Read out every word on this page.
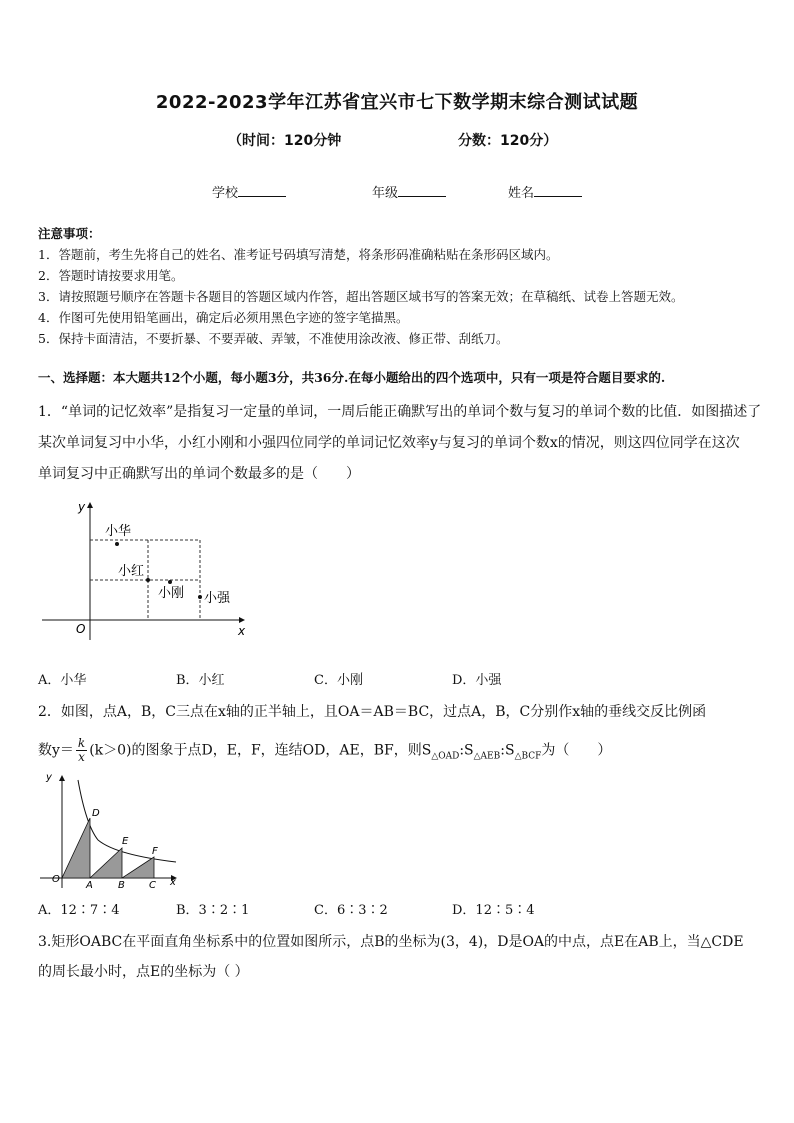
2022-2023学年江苏省宜兴市七下数学期末综合测试试题
（时间：120分钟	分数：120分）
学校	年级	姓名
注意事项：
1．答题前，考生先将自己的姓名、准考证号码填写清楚，将条形码准确粘贴在条形码区域内。
2．答题时请按要求用笔。
3．请按照题号顺序在答题卡各题目的答题区域内作答，超出答题区域书写的答案无效；在草稿纸、试卷上答题无效。
4．作图可先使用铅笔画出，确定后必须用黑色字迹的签字笔描黑。
5．保持卡面清洁，不要折暴、不要弄破、弄皱，不准使用涂改液、修正带、刮纸刀。
一、选择题：本大题共12个小题，每小题3分，共36分.在每小题给出的四个选项中，只有一项是符合题目要求的.
1．“单词的记忆效率”是指复习一定量的单词，一周后能正确默写出的单词个数与复习的单词个数的比值．如图描述了
某次单词复习中小华，小红小刚和小强四位同学的单词记忆效率y与复习的单词个数x的情况，则这四位同学在这次
单词复习中正确默写出的单词个数最多的是（　　）
y
x
O
小华
小红
小刚 小强
A．小华	B．小红	C．小刚	D．小强
2．如图，点A，B，C三点在x轴的正半轴上，且OA＝AB＝BC，过点A，B，C分别作x轴的垂线交反比例函
数$y= \frac{k}{x} (k>0)$的图象于点D，E，F，连结OD，AE，BF，则$S_{\triangle OAD}:S_{\triangle AEB}:S_{\triangle BCF}$为（　　）
y
x
O
D
E
F
A	B C
A．12∶7∶4	B．3∶2∶1	C．6∶3∶2	D．12∶5∶4
3.矩形OABC在平面直角坐标系中的位置如图所示，点B的坐标为(3，4)，D是OA的中点，点E在AB上，当△CDE
的周长最小时，点E的坐标为（ ）
